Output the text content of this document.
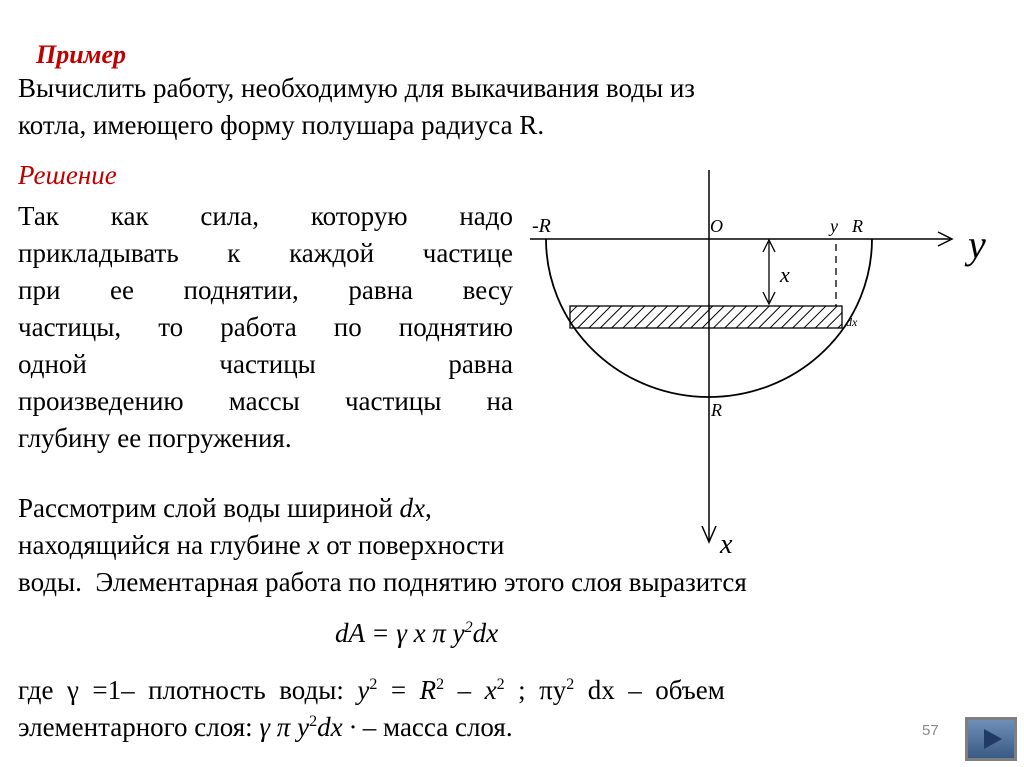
Пример
Вычислить работу, необходимую для выкачивания воды из
котла, имеющего форму полушара радиуса R.
Решение
Так как сила, которую надо
прикладывать к каждой частице
при ее поднятии, равна весу
частицы, то работа по поднятию
одной частицы равна
произведению массы частицы на
глубину ее погружения.
Рассмотрим слой воды шириной dx,
находящийся на глубине x от поверхности
воды.  Элементарная работа по поднятию этого слоя выразится
dA = γ x π $y^2dx$
где  γ  =1–  плотность  воды:  $y^2 = R^2 - x^2$  ;  $\pi y^2$  dx  –  объем
элементарного слоя: γ π $y^2dx$ · – масса слоя.
-R	O	y R	y
x
dx
R
x
57
